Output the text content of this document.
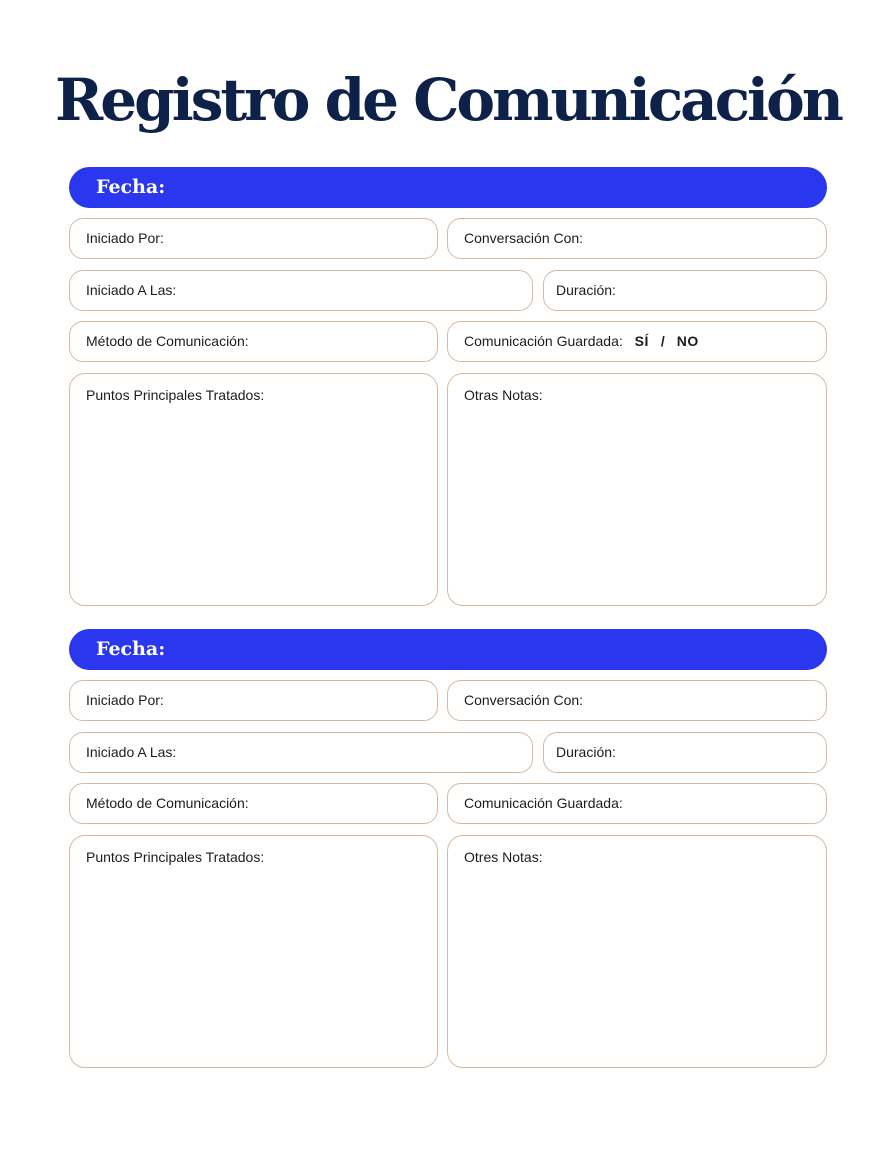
Registro de Comunicación
Fecha:
Iniciado Por:	Conversación Con:
Iniciado A Las:	Duración:
Método de Comunicación:	Comunicación Guardada: SÍ / NO
Puntos Principales Tratados:	Otras Notas:
Fecha:
Iniciado Por:	Conversación Con:
Iniciado A Las:	Duración:
Método de Comunicación:	Comunicación Guardada:
Puntos Principales Tratados:	Otres Notas:
